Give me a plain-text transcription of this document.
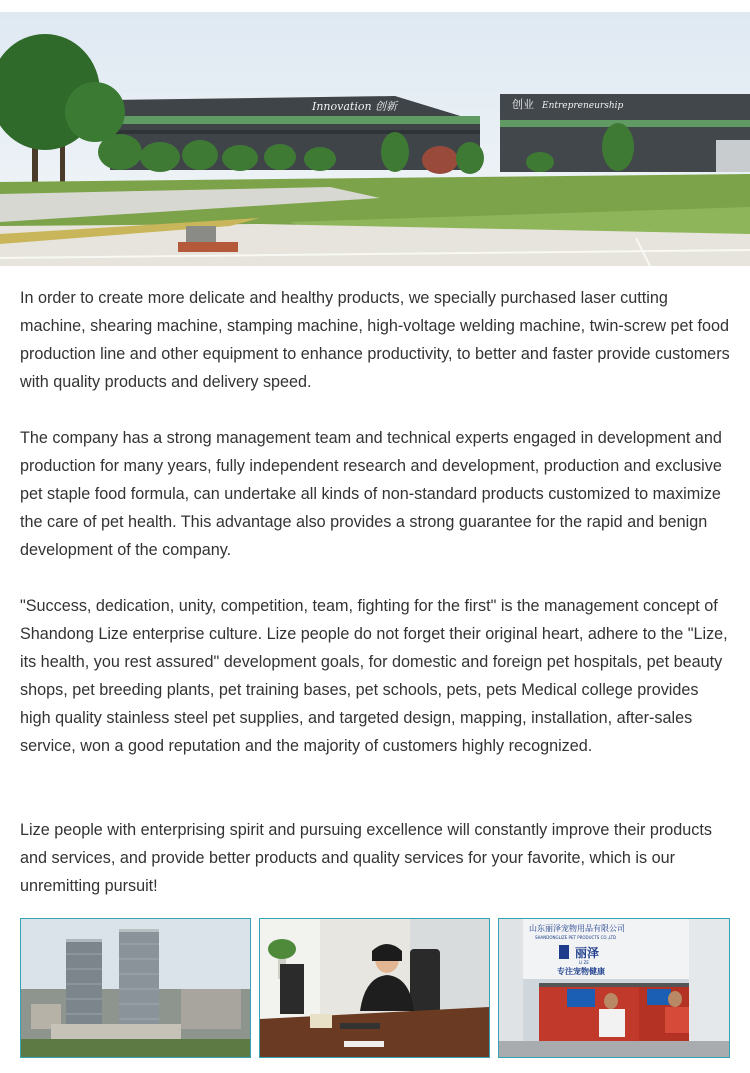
Innovation 创新	创业 Entrepreneurship

In order to create more delicate and healthy products, we specially purchased laser cutting machine, shearing machine, stamping machine, high-voltage welding machine, twin-screw pet food production line and other equipment to enhance productivity, to better and faster provide customers with quality products and delivery speed.

The company has a strong management team and technical experts engaged in development and production for many years, fully independent research and development, production and exclusive pet staple food formula, can undertake all kinds of non-standard products customized to maximize the care of pet health. This advantage also provides a strong guarantee for the rapid and benign development of the company.

"Success, dedication, unity, competition, team, fighting for the first" is the management concept of Shandong Lize enterprise culture. Lize people do not forget their original heart, adhere to the "Lize, its health, you rest assured" development goals, for domestic and foreign pet hospitals, pet beauty shops, pet breeding plants, pet training bases, pet schools, pets, pets Medical college provides high quality stainless steel pet supplies, and targeted design, mapping, installation, after-sales service, won a good reputation and the majority of customers highly recognized.

Lize people with enterprising spirit and pursuing excellence will constantly improve their products and services, and provide better products and quality services for your favorite, which is our unremitting pursuit!

山东丽泽宠物用品有限公司
SHANDONGLIZE PET PRODUCTS CO.,LTD
丽泽
LI ZE
专注宠物健康
